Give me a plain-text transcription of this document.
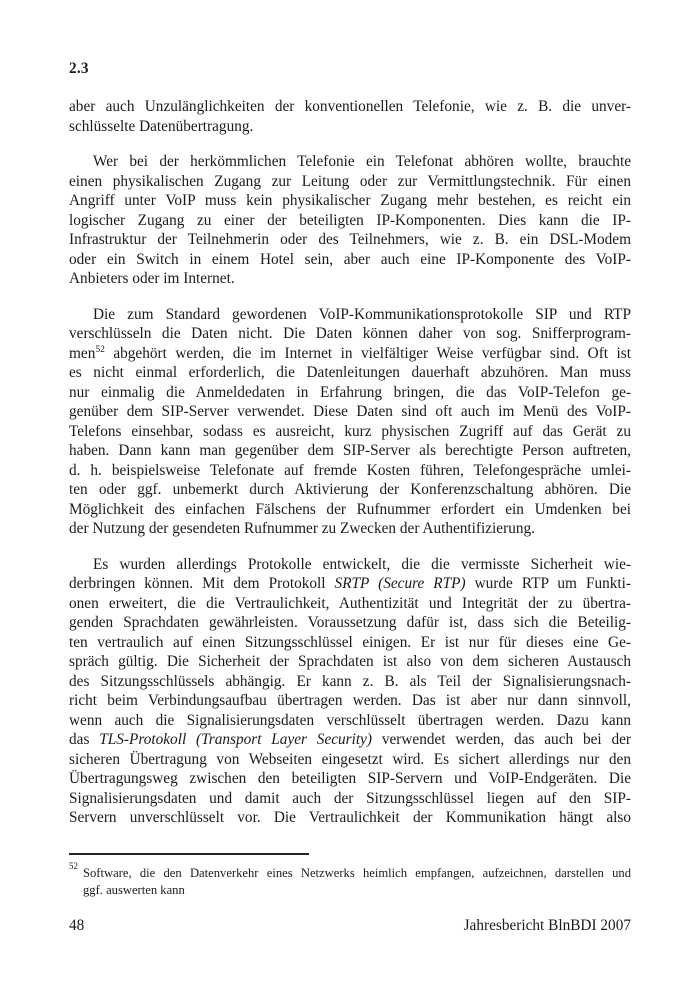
2.3
aber auch Unzulänglichkeiten der konventionellen Telefonie, wie z. B. die unver-
schlüsselte Datenübertragung.
Wer bei der herkömmlichen Telefonie ein Telefonat abhören wollte, brauchte
einen physikalischen Zugang zur Leitung oder zur Vermittlungstechnik. Für einen
Angriff unter VoIP muss kein physikalischer Zugang mehr bestehen, es reicht ein
logischer Zugang zu einer der beteiligten IP-Komponenten. Dies kann die IP-
Infrastruktur der Teilnehmerin oder des Teilnehmers, wie z. B. ein DSL-Modem
oder ein Switch in einem Hotel sein, aber auch eine IP-Komponente des VoIP-
Anbieters oder im Internet.
Die zum Standard gewordenen VoIP-Kommunikationsprotokolle SIP und RTP
verschlüsseln die Daten nicht. Die Daten können daher von sog. Snifferprogram-
men$^{52}$ abgehört werden, die im Internet in vielfältiger Weise verfügbar sind. Oft ist
es nicht einmal erforderlich, die Datenleitungen dauerhaft abzuhören. Man muss
nur einmalig die Anmeldedaten in Erfahrung bringen, die das VoIP-Telefon ge-
genüber dem SIP-Server verwendet. Diese Daten sind oft auch im Menü des VoIP-
Telefons einsehbar, sodass es ausreicht, kurz physischen Zugriff auf das Gerät zu
haben. Dann kann man gegenüber dem SIP-Server als berechtigte Person auftreten,
d. h. beispielsweise Telefonate auf fremde Kosten führen, Telefongespräche umlei-
ten oder ggf. unbemerkt durch Aktivierung der Konferenzschaltung abhören. Die
Möglichkeit des einfachen Fälschens der Rufnummer erfordert ein Umdenken bei
der Nutzung der gesendeten Rufnummer zu Zwecken der Authentifizierung.
Es wurden allerdings Protokolle entwickelt, die die vermisste Sicherheit wie-
derbringen können. Mit dem Protokoll SRTP (Secure RTP) wurde RTP um Funkti-
onen erweitert, die die Vertraulichkeit, Authentizität und Integrität der zu übertra-
genden Sprachdaten gewährleisten. Voraussetzung dafür ist, dass sich die Beteilig-
ten vertraulich auf einen Sitzungsschlüssel einigen. Er ist nur für dieses eine Ge-
spräch gültig. Die Sicherheit der Sprachdaten ist also von dem sicheren Austausch
des Sitzungsschlüssels abhängig. Er kann z. B. als Teil der Signalisierungsnach-
richt beim Verbindungsaufbau übertragen werden. Das ist aber nur dann sinnvoll,
wenn auch die Signalisierungsdaten verschlüsselt übertragen werden. Dazu kann
das TLS-Protokoll (Transport Layer Security) verwendet werden, das auch bei der
sicheren Übertragung von Webseiten eingesetzt wird. Es sichert allerdings nur den
Übertragungsweg zwischen den beteiligten SIP-Servern und VoIP-Endgeräten. Die
Signalisierungsdaten und damit auch der Sitzungsschlüssel liegen auf den SIP-
Servern unverschlüsselt vor. Die Vertraulichkeit der Kommunikation hängt also
52 Software, die den Datenverkehr eines Netzwerks heimlich empfangen, aufzeichnen, darstellen und
ggf. auswerten kann
48	Jahresbericht BlnBDI 2007
